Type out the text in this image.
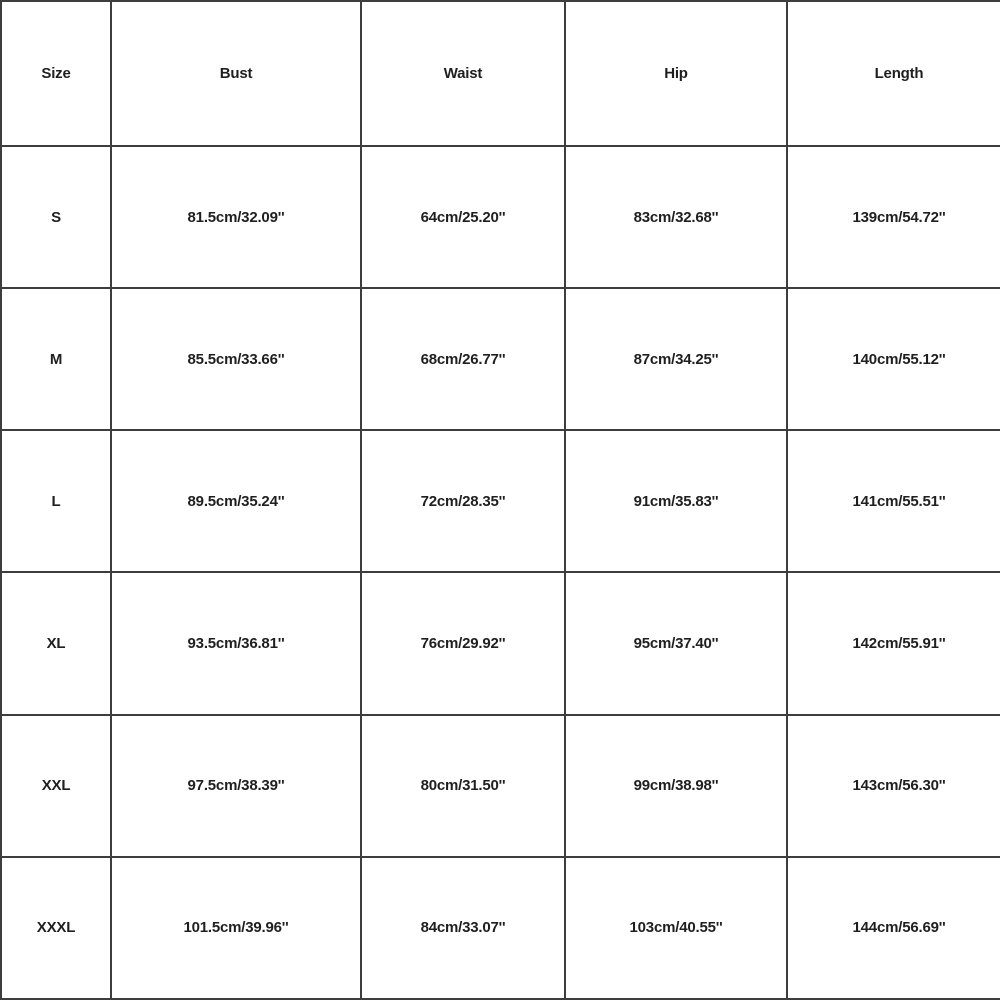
Size	Bust	Waist	Hip	Length
S	81.5cm/32.09''	64cm/25.20''	83cm/32.68''	139cm/54.72''
M	85.5cm/33.66''	68cm/26.77''	87cm/34.25''	140cm/55.12''
L	89.5cm/35.24''	72cm/28.35''	91cm/35.83''	141cm/55.51''
XL	93.5cm/36.81''	76cm/29.92''	95cm/37.40''	142cm/55.91''
XXL	97.5cm/38.39''	80cm/31.50''	99cm/38.98''	143cm/56.30''
XXXL	101.5cm/39.96''	84cm/33.07''	103cm/40.55''	144cm/56.69''
